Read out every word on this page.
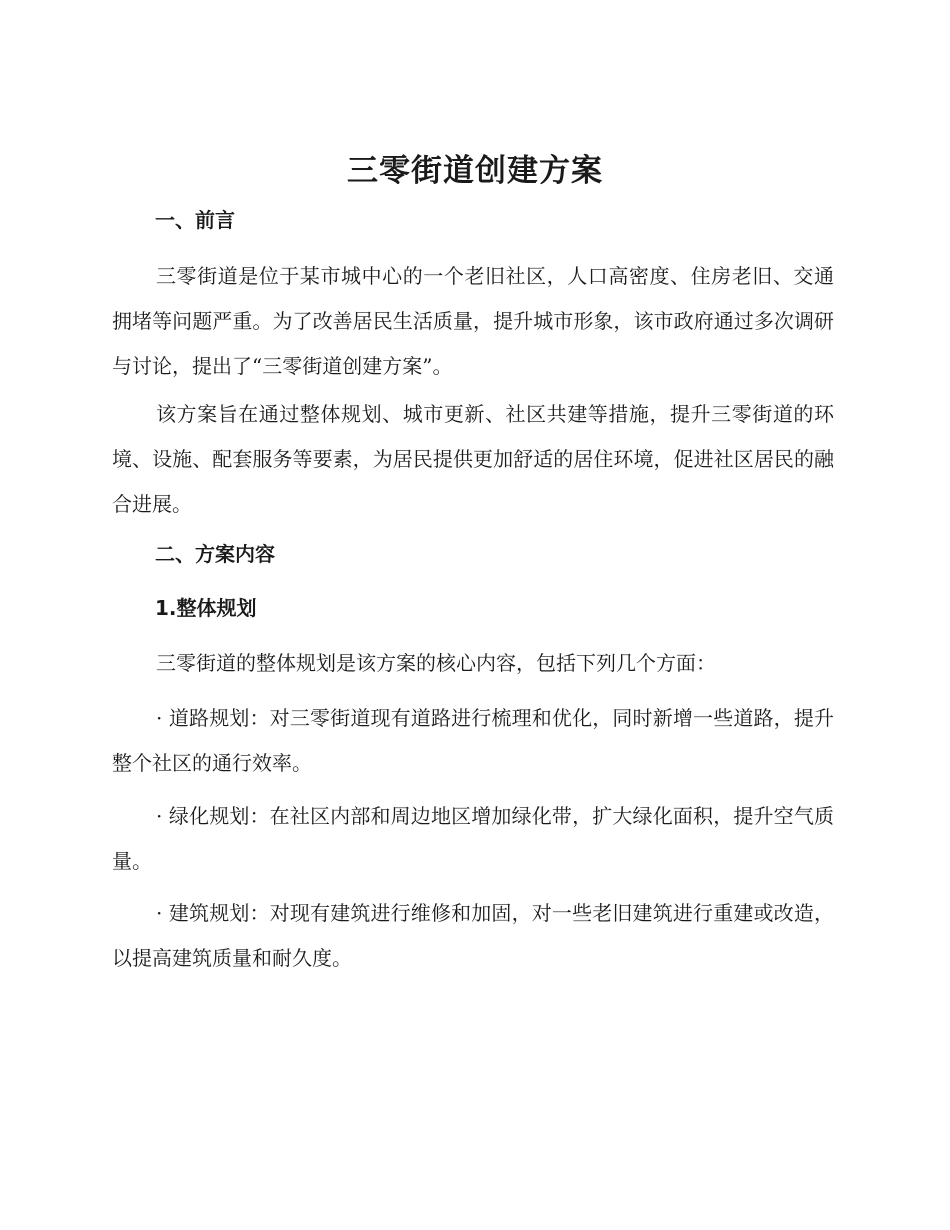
三零街道创建方案
一、前言

三零街道是位于某市城中心的一个老旧社区，人口高密度、住房老旧、交通拥堵等问题严重。为了改善居民生活质量，提升城市形象，该市政府通过多次调研与讨论，提出了“三零街道创建方案”。

该方案旨在通过整体规划、城市更新、社区共建等措施，提升三零街道的环境、设施、配套服务等要素，为居民提供更加舒适的居住环境，促进社区居民的融合进展。

二、方案内容
1.整体规划

三零街道的整体规划是该方案的核心内容，包括下列几个方面：

· 道路规划：对三零街道现有道路进行梳理和优化，同时新增一些道路，提升整个社区的通行效率。

· 绿化规划：在社区内部和周边地区增加绿化带，扩大绿化面积，提升空气质量。

· 建筑规划：对现有建筑进行维修和加固，对一些老旧建筑进行重建或改造，以提高建筑质量和耐久度。
